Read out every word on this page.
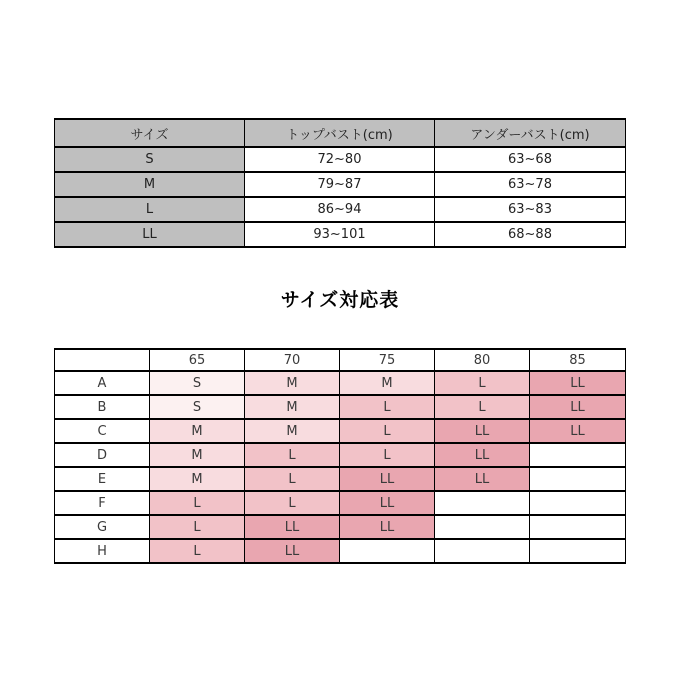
サイズ	トップバスト(cm)	アンダーバスト(cm)
S	72~80	63~68
M	79~87	63~78
L	86~94	63~83
LL	93~101	68~88
サイズ対応表
	65	70	75	80	85
A	S	M	M	L	LL
B	S	M	L	L	LL
C	M	M	L	LL	LL
D	M	L	L	LL	
E	M	L	LL	LL	
F	L	L	LL		
G	L	LL	LL		
H	L	LL			
